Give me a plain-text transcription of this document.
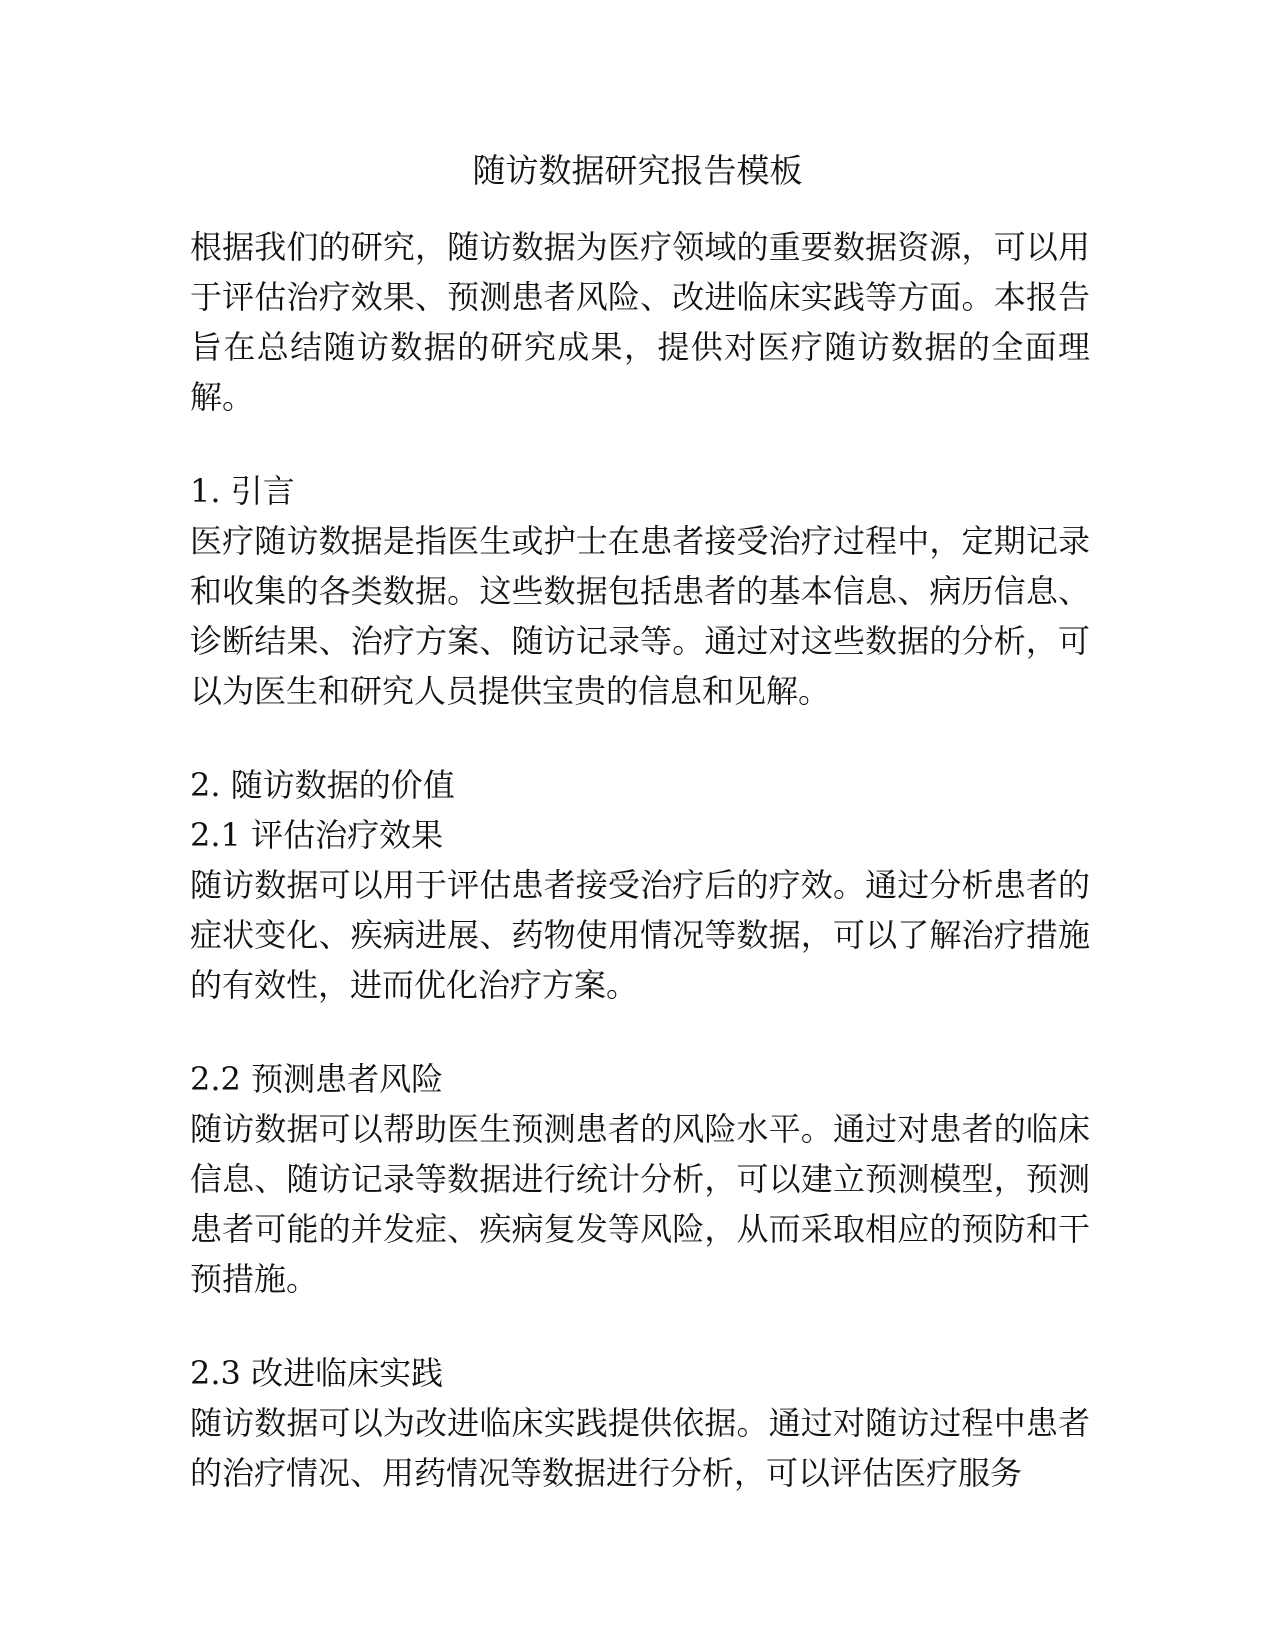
随访数据研究报告模板

根据我们的研究，随访数据为医疗领域的重要数据资源，可以用于评估治疗效果、预测患者风险、改进临床实践等方面。本报告旨在总结随访数据的研究成果，提供对医疗随访数据的全面理解。

1. 引言

医疗随访数据是指医生或护士在患者接受治疗过程中，定期记录和收集的各类数据。这些数据包括患者的基本信息、病历信息、诊断结果、治疗方案、随访记录等。通过对这些数据的分析，可以为医生和研究人员提供宝贵的信息和见解。

2. 随访数据的价值

2.1 评估治疗效果

随访数据可以用于评估患者接受治疗后的疗效。通过分析患者的症状变化、疾病进展、药物使用情况等数据，可以了解治疗措施的有效性，进而优化治疗方案。

2.2 预测患者风险

随访数据可以帮助医生预测患者的风险水平。通过对患者的临床信息、随访记录等数据进行统计分析，可以建立预测模型，预测患者可能的并发症、疾病复发等风险，从而采取相应的预防和干预措施。

2.3 改进临床实践

随访数据可以为改进临床实践提供依据。通过对随访过程中患者的治疗情况、用药情况等数据进行分析，可以评估医疗服务
